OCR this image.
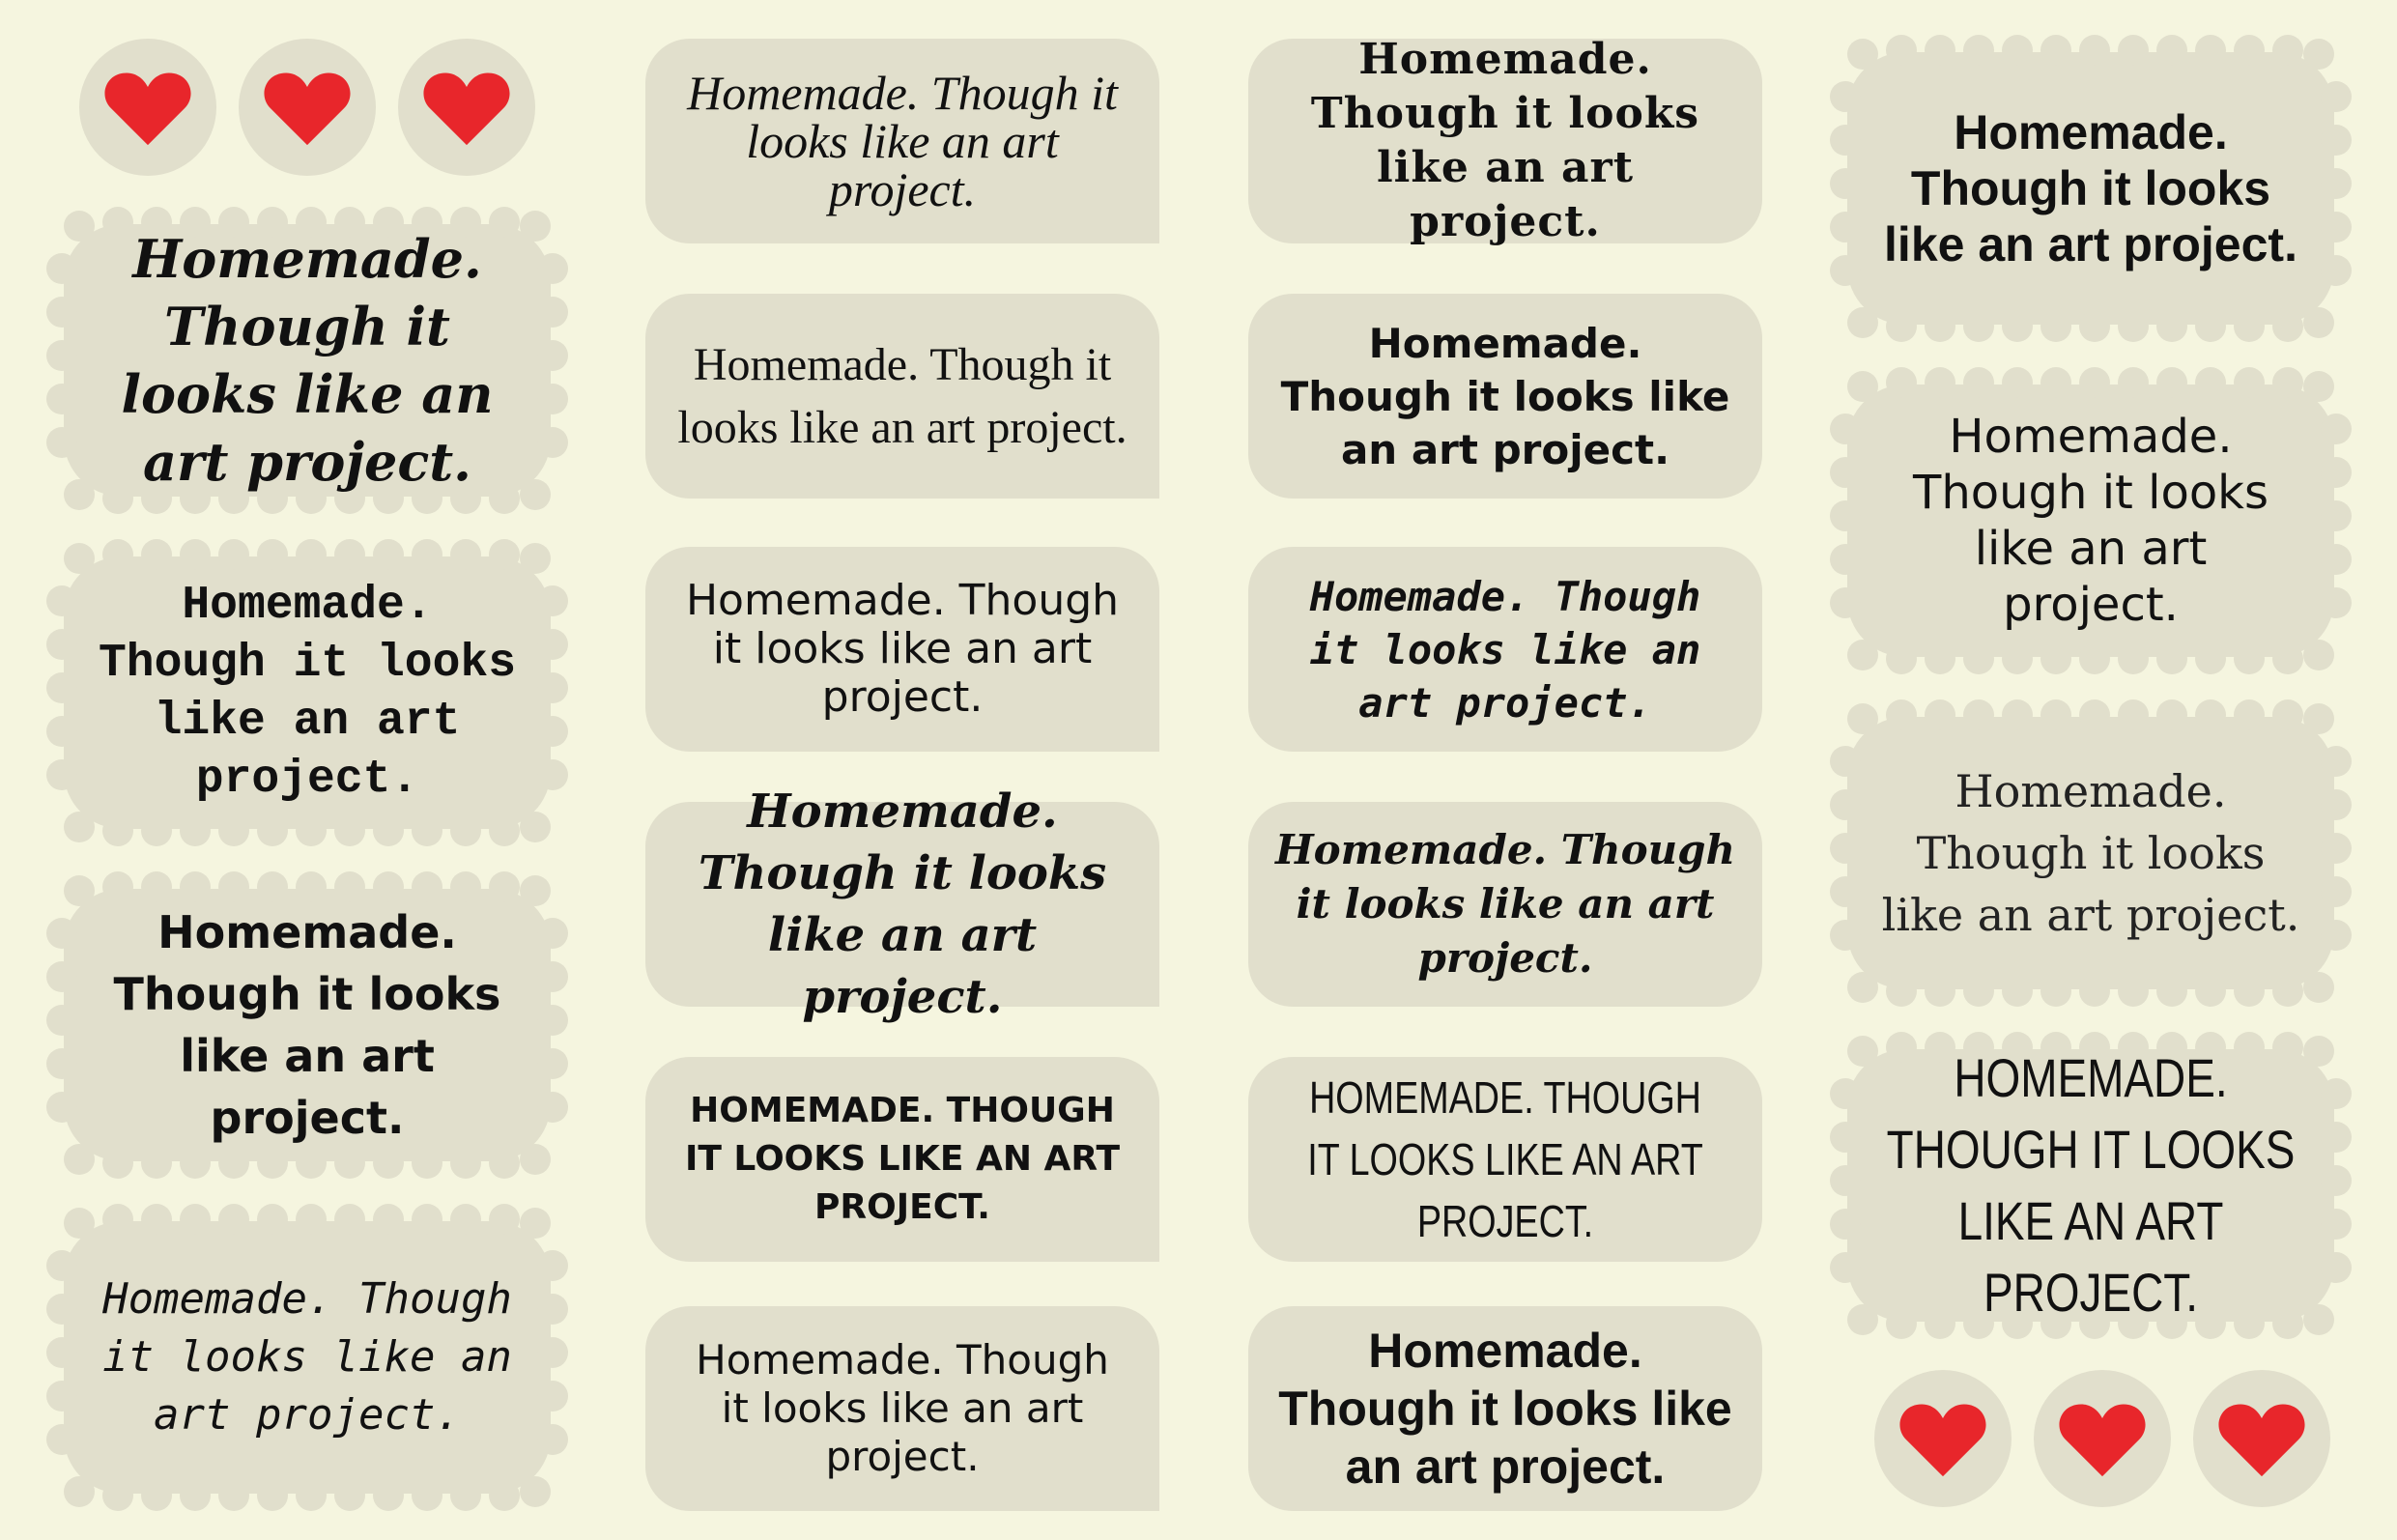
Homemade. Though it looks like an art project.
Homemade. Though it looks like an art project.
Homemade. Though it looks like an art project.
Homemade. Though it looks like an art project.
Homemade. Though it looks like an art project.
Homemade. Though it looks like an art project.
Homemade. Though it looks like an art project.
Homemade. Though it looks like an art project.
HOMEMADE. THOUGH IT LOOKS LIKE AN ART PROJECT.
Homemade. Though it looks like an art project.
Homemade. Though it looks like an art project.
Homemade. Though it looks like an art project.
Homemade. Though it looks like an art project.
Homemade. Though it looks like an art project.
HOMEMADE. THOUGH IT LOOKS LIKE AN ART PROJECT.
Homemade. Though it looks like an art project.
Homemade. Though it looks like an art project.
Homemade. Though it looks like an art project.
Homemade. Though it looks like an art project.
HOMEMADE. THOUGH IT LOOKS LIKE AN ART PROJECT.
